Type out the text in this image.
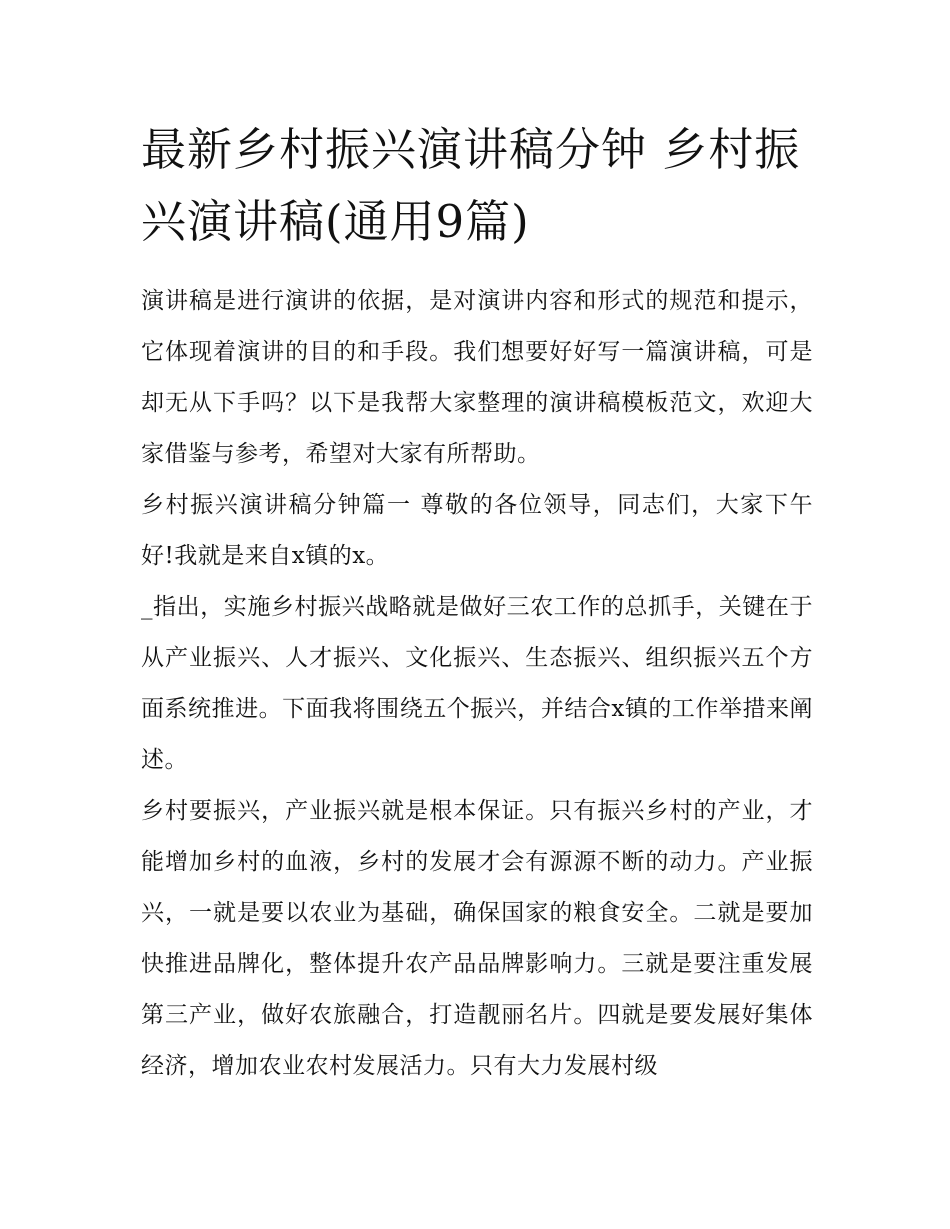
最新乡村振兴演讲稿分钟 乡村振兴演讲稿(通用9篇)

演讲稿是进行演讲的依据，是对演讲内容和形式的规范和提示，它体现着演讲的目的和手段。我们想要好好写一篇演讲稿，可是却无从下手吗？以下是我帮大家整理的演讲稿模板范文，欢迎大家借鉴与参考，希望对大家有所帮助。

乡村振兴演讲稿分钟篇一 尊敬的各位领导，同志们，大家下午好!我就是来自x镇的x。

_指出，实施乡村振兴战略就是做好三农工作的总抓手，关键在于从产业振兴、人才振兴、文化振兴、生态振兴、组织振兴五个方面系统推进。下面我将围绕五个振兴，并结合x镇的工作举措来阐述。

乡村要振兴，产业振兴就是根本保证。只有振兴乡村的产业，才能增加乡村的血液，乡村的发展才会有源源不断的动力。产业振兴，一就是要以农业为基础，确保国家的粮食安全。二就是要加快推进品牌化，整体提升农产品品牌影响力。三就是要注重发展第三产业，做好农旅融合，打造靓丽名片。四就是要发展好集体经济，增加农业农村发展活力。只有大力发展村级
